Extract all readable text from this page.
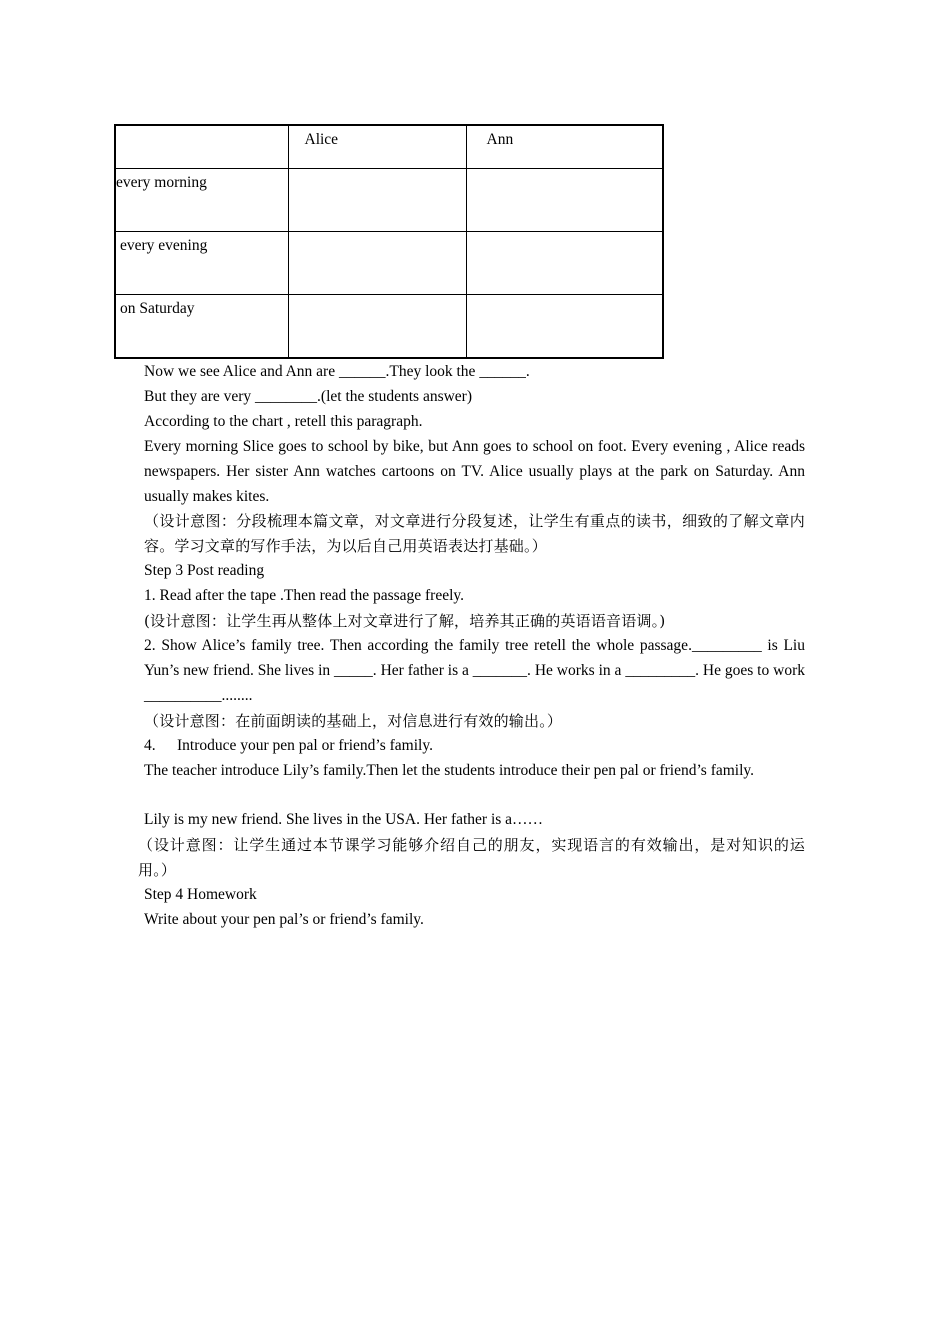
	Alice	Ann

every morning		

every evening		

on Saturday		

Now we see Alice and Ann are ______.They look the ______.
But they are very ________.(let the students answer)
According to the chart , retell this paragraph.
Every morning Slice goes to school by bike, but Ann goes to school on foot. Every evening , Alice reads newspapers. Her sister Ann watches cartoons on TV. Alice usually plays at the park on Saturday. Ann usually makes kites.
（设计意图：分段梳理本篇文章，对文章进行分段复述，让学生有重点的读书，细致的了解文章内容。学习文章的写作手法，为以后自己用英语表达打基础。）
Step 3 Post reading
1. Read after the tape .Then read the passage freely.
(设计意图：让学生再从整体上对文章进行了解，培养其正确的英语语音语调。)
2. Show Alice’s family tree. Then according the family tree retell the whole passage._________ is Liu Yun’s new friend. She lives in _____. Her father is a _______. He works in a _________. He goes to work __________........
（设计意图：在前面朗读的基础上，对信息进行有效的输出。）
4. Introduce your pen pal or friend’s family.
The teacher introduce Lily’s family.Then let the students introduce their pen pal or friend’s family.
Lily is my new friend. She lives in the USA. Her father is a……
（设计意图：让学生通过本节课学习能够介绍自己的朋友，实现语言的有效输出，是对知识的运用。）
Step 4 Homework
Write about your pen pal’s or friend’s family.
